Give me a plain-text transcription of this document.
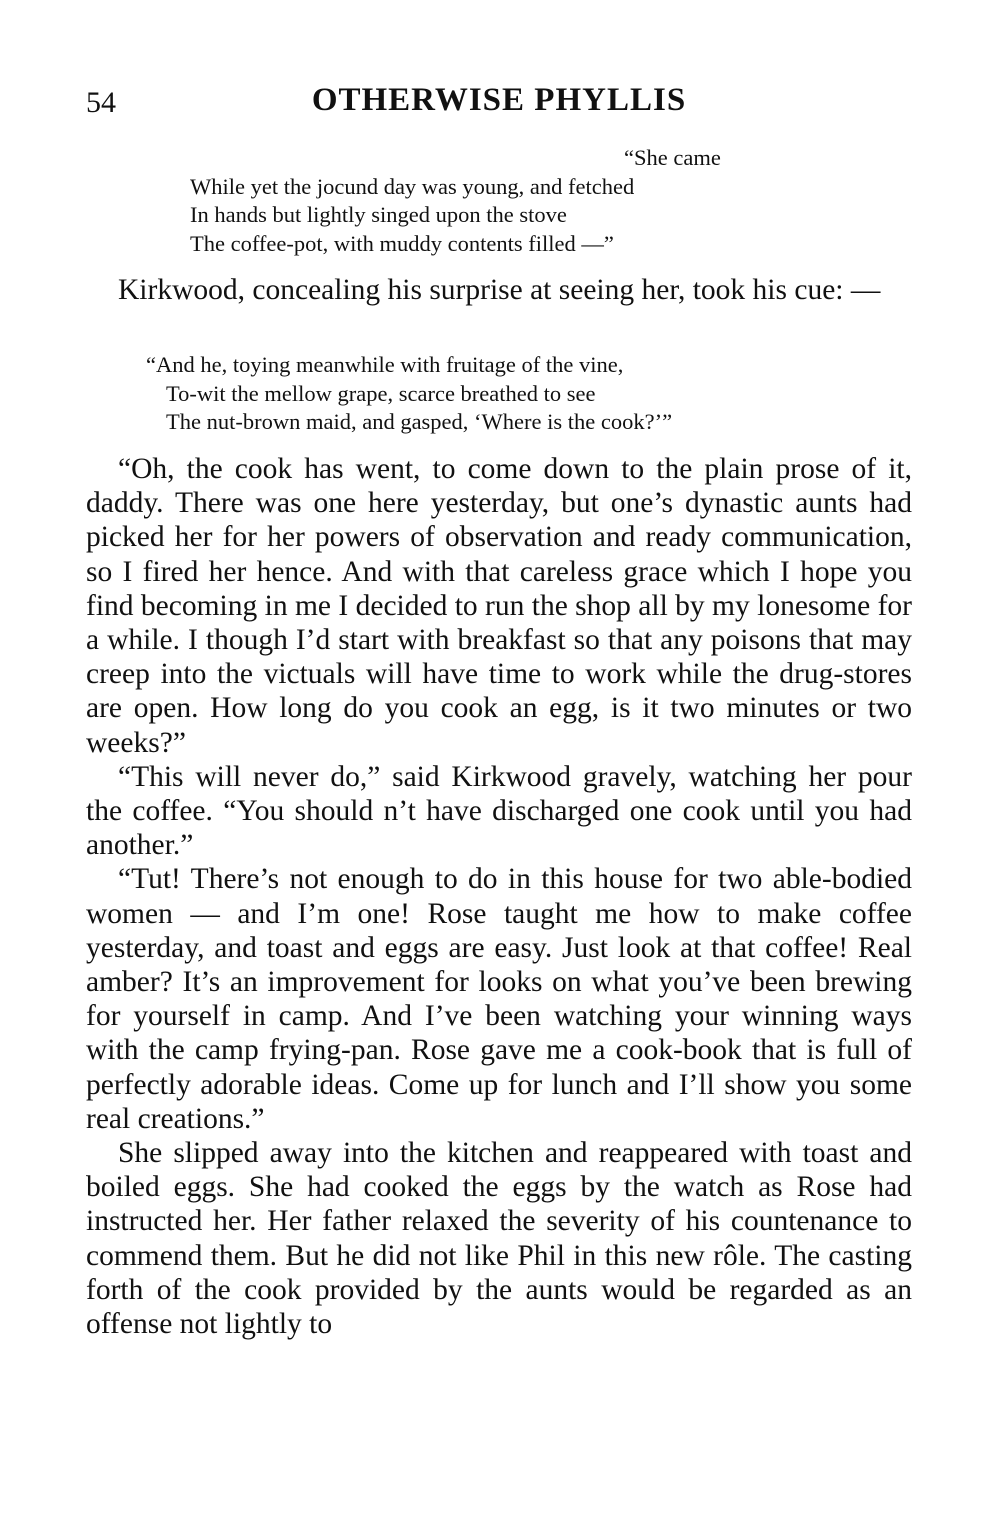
54	OTHERWISE PHYLLIS
“She came
While yet the jocund day was young, and fetched
In hands but lightly singed upon the stove
The coffee-pot, with muddy contents filled —”

Kirkwood, concealing his surprise at seeing her, took his cue: —

“And he, toying meanwhile with fruitage of the vine,
To-wit the mellow grape, scarce breathed to see
The nut-brown maid, and gasped, ‘Where is the cook?’”

“Oh, the cook has went, to come down to the plain prose of it, daddy. There was one here yesterday, but one’s dynastic aunts had picked her for her powers of observation and ready communication, so I fired her hence. And with that careless grace which I hope you find becoming in me I decided to run the shop all by my lonesome for a while. I though I’d start with breakfast so that any poisons that may creep into the victuals will have time to work while the drug-stores are open. How long do you cook an egg, is it two minutes or two weeks?”

“This will never do,” said Kirkwood gravely, watching her pour the coffee. “You should n’t have discharged one cook until you had another.”

“Tut! There’s not enough to do in this house for two able-bodied women — and I’m one! Rose taught me how to make coffee yesterday, and toast and eggs are easy. Just look at that coffee! Real amber? It’s an improvement for looks on what you’ve been brewing for yourself in camp. And I’ve been watching your winning ways with the camp frying-pan. Rose gave me a cook-book that is full of perfectly adorable ideas. Come up for lunch and I’ll show you some real creations.”

She slipped away into the kitchen and reappeared with toast and boiled eggs. She had cooked the eggs by the watch as Rose had instructed her. Her father relaxed the severity of his countenance to commend them. But he did not like Phil in this new rôle. The casting forth of the cook provided by the aunts would be regarded as an offense not lightly to
